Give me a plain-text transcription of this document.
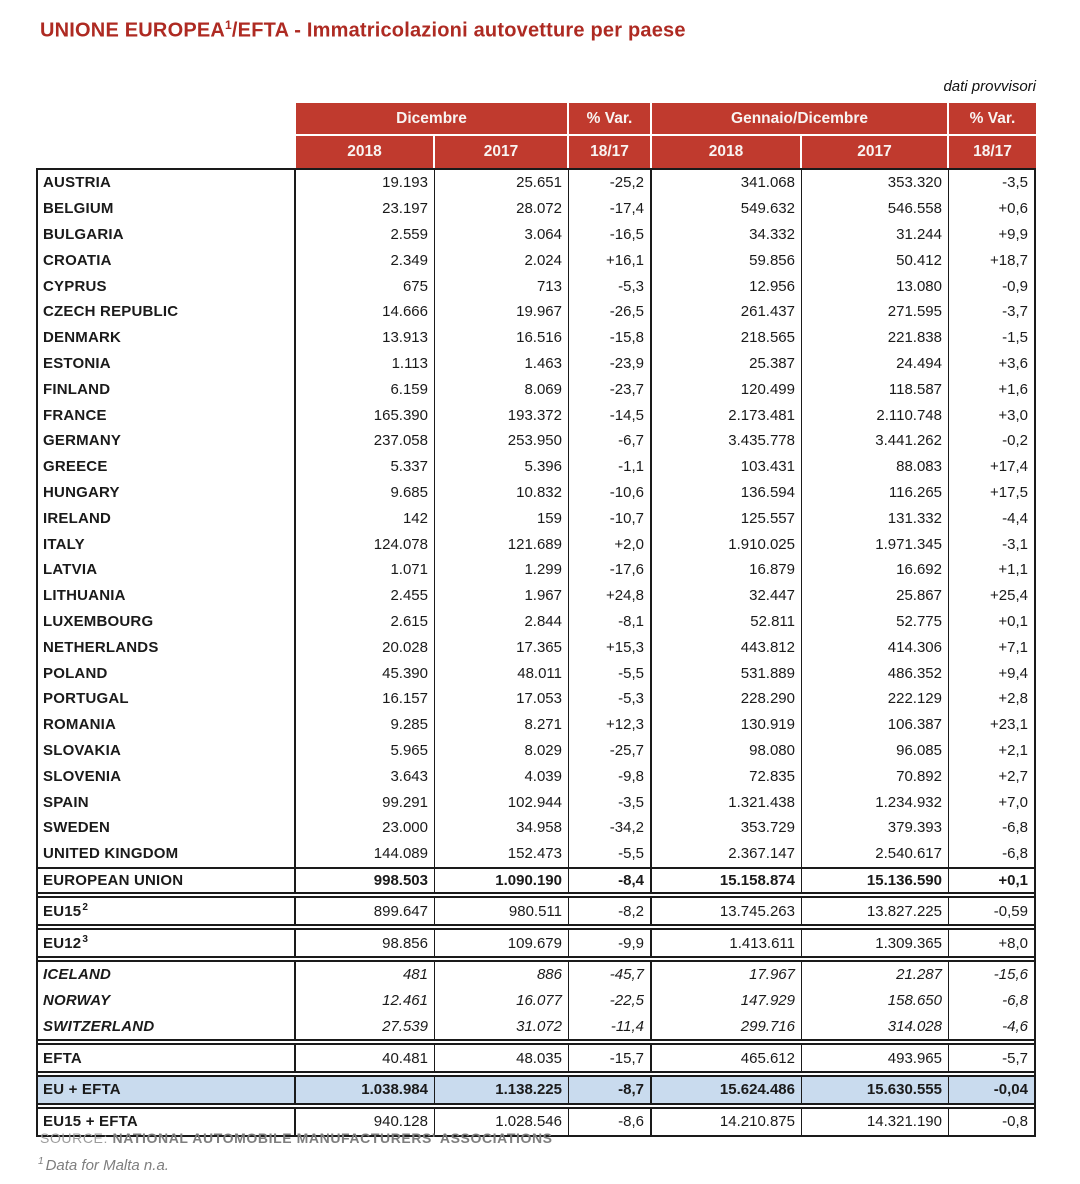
UNIONE EUROPEA$^1$/EFTA - Immatricolazioni autovetture per paese
dati provvisori
Dicembre	% Var.	Gennaio/Dicembre	% Var.
2018	2017	18/17	2018	2017	18/17
AUSTRIA	19.193	25.651	-25,2	341.068	353.320	-3,5
BELGIUM	23.197	28.072	-17,4	549.632	546.558	+0,6
BULGARIA	2.559	3.064	-16,5	34.332	31.244	+9,9
CROATIA	2.349	2.024	+16,1	59.856	50.412	+18,7
CYPRUS	675	713	-5,3	12.956	13.080	-0,9
CZECH REPUBLIC	14.666	19.967	-26,5	261.437	271.595	-3,7
DENMARK	13.913	16.516	-15,8	218.565	221.838	-1,5
ESTONIA	1.113	1.463	-23,9	25.387	24.494	+3,6
FINLAND	6.159	8.069	-23,7	120.499	118.587	+1,6
FRANCE	165.390	193.372	-14,5	2.173.481	2.110.748	+3,0
GERMANY	237.058	253.950	-6,7	3.435.778	3.441.262	-0,2
GREECE	5.337	5.396	-1,1	103.431	88.083	+17,4
HUNGARY	9.685	10.832	-10,6	136.594	116.265	+17,5
IRELAND	142	159	-10,7	125.557	131.332	-4,4
ITALY	124.078	121.689	+2,0	1.910.025	1.971.345	-3,1
LATVIA	1.071	1.299	-17,6	16.879	16.692	+1,1
LITHUANIA	2.455	1.967	+24,8	32.447	25.867	+25,4
LUXEMBOURG	2.615	2.844	-8,1	52.811	52.775	+0,1
NETHERLANDS	20.028	17.365	+15,3	443.812	414.306	+7,1
POLAND	45.390	48.011	-5,5	531.889	486.352	+9,4
PORTUGAL	16.157	17.053	-5,3	228.290	222.129	+2,8
ROMANIA	9.285	8.271	+12,3	130.919	106.387	+23,1
SLOVAKIA	5.965	8.029	-25,7	98.080	96.085	+2,1
SLOVENIA	3.643	4.039	-9,8	72.835	70.892	+2,7
SPAIN	99.291	102.944	-3,5	1.321.438	1.234.932	+7,0
SWEDEN	23.000	34.958	-34,2	353.729	379.393	-6,8
UNITED KINGDOM	144.089	152.473	-5,5	2.367.147	2.540.617	-6,8
EUROPEAN UNION	998.503	1.090.190	-8,4	15.158.874	15.136.590	+0,1
EU15 2	899.647	980.511	-8,2	13.745.263	13.827.225	-0,59
EU12 3	98.856	109.679	-9,9	1.413.611	1.309.365	+8,0
ICELAND	481	886	-45,7	17.967	21.287	-15,6
NORWAY	12.461	16.077	-22,5	147.929	158.650	-6,8
SWITZERLAND	27.539	31.072	-11,4	299.716	314.028	-4,6
EFTA	40.481	48.035	-15,7	465.612	493.965	-5,7
EU + EFTA	1.038.984	1.138.225	-8,7	15.624.486	15.630.555	-0,04
EU15 + EFTA	940.128	1.028.546	-8,6	14.210.875	14.321.190	-0,8
SOURCE: NATIONAL AUTOMOBILE MANUFACTURERS' ASSOCIATIONS
$^1$ Data for Malta n.a.
